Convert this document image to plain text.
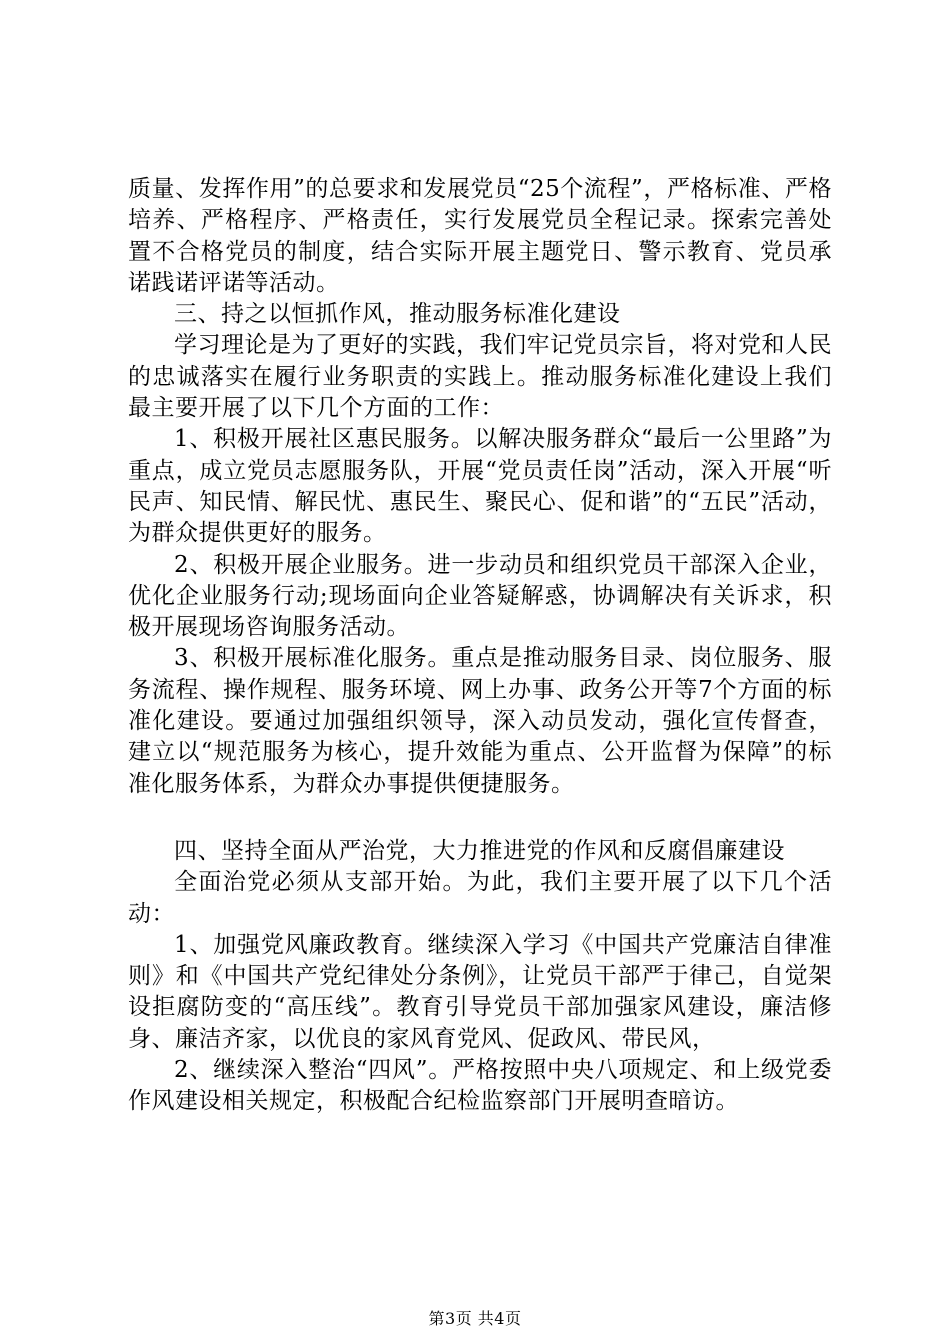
质量、发挥作用”的总要求和发展党员“25个流程”，严格标准、严格培养、严格程序、严格责任，实行发展党员全程记录。探索完善处置不合格党员的制度，结合实际开展主题党日、警示教育、党员承诺践诺评诺等活动。

三、持之以恒抓作风，推动服务标准化建设

学习理论是为了更好的实践，我们牢记党员宗旨，将对党和人民的忠诚落实在履行业务职责的实践上。推动服务标准化建设上我们最主要开展了以下几个方面的工作：

1、积极开展社区惠民服务。以解决服务群众“最后一公里路”为重点，成立党员志愿服务队，开展“党员责任岗”活动，深入开展“听民声、知民情、解民忧、惠民生、聚民心、促和谐”的“五民”活动，为群众提供更好的服务。

2、积极开展企业服务。进一步动员和组织党员干部深入企业，优化企业服务行动;现场面向企业答疑解惑，协调解决有关诉求，积极开展现场咨询服务活动。

3、积极开展标准化服务。重点是推动服务目录、岗位服务、服务流程、操作规程、服务环境、网上办事、政务公开等7个方面的标准化建设。要通过加强组织领导，深入动员发动，强化宣传督查，建立以“规范服务为核心，提升效能为重点、公开监督为保障”的标准化服务体系，为群众办事提供便捷服务。

四、坚持全面从严治党，大力推进党的作风和反腐倡廉建设

全面治党必须从支部开始。为此，我们主要开展了以下几个活动：

1、加强党风廉政教育。继续深入学习《中国共产党廉洁自律准则》和《中国共产党纪律处分条例》，让党员干部严于律己，自觉架设拒腐防变的“高压线”。教育引导党员干部加强家风建设，廉洁修身、廉洁齐家，以优良的家风育党风、促政风、带民风，

2、继续深入整治“四风”。严格按照中央八项规定、和上级党委作风建设相关规定，积极配合纪检监察部门开展明查暗访。

第3页 共4页
